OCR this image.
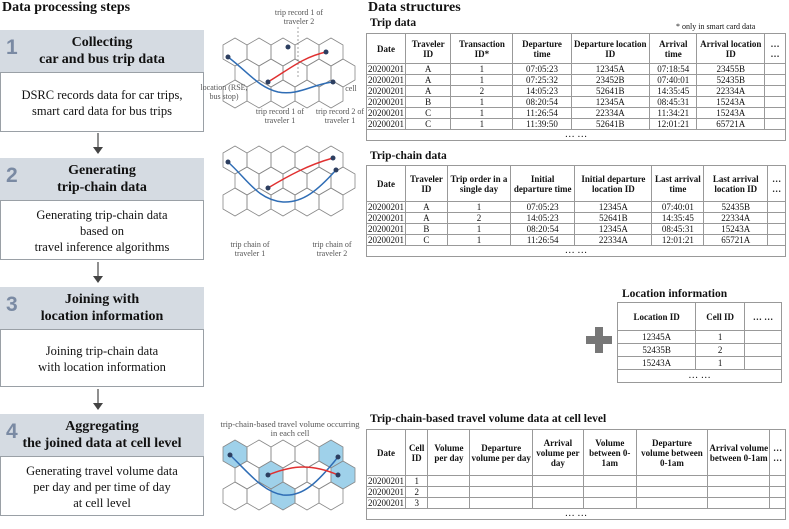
Data processing steps	Data structures
1	Collecting
car and bus trip data
DSRC records data for car trips,
smart card data for bus trips
2	Generating
trip-chain data
Generating trip-chain data
based on
travel inference algorithms
3	Joining with
location information
Joining trip-chain data
with location information
4	Aggregating
the joined data at cell level
Generating travel volume data
per day and per time of day
at cell level
trip record 1 of traveler 2
location (RSE, bus stop)
cell
trip record 1 of traveler 1
trip record 2 of traveler 1
trip chain of traveler 1
trip chain of traveler 2
trip-chain-based travel volume occurring in each cell
Trip data	* only in smart card data
Date	Traveler ID	Transaction ID*	Departure time	Departure location ID	Arrival time	Arrival location ID	… …
20200201	A	1	07:05:23	12345A	07:18:54	23455B	
20200201	A	1	07:25:32	23452B	07:40:01	52435B	
20200201	A	2	14:05:23	52641B	14:35:45	22334A	
20200201	B	1	08:20:54	12345A	08:45:31	15243A	
20200201	C	1	11:26:54	22334A	11:34:21	15243A	
20200201	C	1	11:39:50	52641B	12:01:21	65721A	
… …							
Trip-chain data
Date	Traveler ID	Trip order in a single day	Initial departure time	Initial departure location ID	Last arrival time	Last arrival location ID	… …
20200201	A	1	07:05:23	12345A	07:40:01	52435B	
20200201	A	2	14:05:23	52641B	14:35:45	22334A	
20200201	B	1	08:20:54	12345A	08:45:31	15243A	
20200201	C	1	11:26:54	22334A	12:01:21	65721A	
… …							
Location information
Location ID	Cell ID	… …
12345A	1	
52435B	2	
15243A	1	
… …		
Trip-chain-based travel volume data at cell level
Date	Cell ID	Volume per day	Departure volume per day	Arrival volume per day	Volume between 0-1am	Departure volume between 0-1am	Arrival volume between 0-1am	… …
20200201	1							
20200201	2							
20200201	3							
… …								
